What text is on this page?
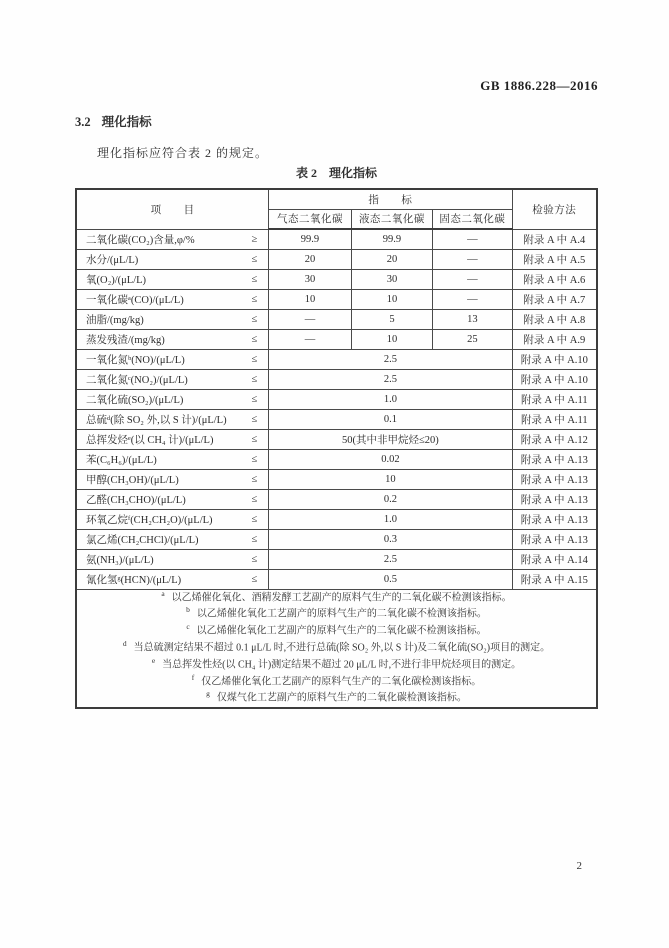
GB 1886.228—2016
3.2 理化指标

理化指标应符合表 2 的规定。

表 2 理化指标
项　　目	指　　标			检验方法
	气态二氧化碳	液态二氧化碳	固态二氧化碳	

二氧化碳(CO₂)含量,φ/% ≥	99.9	99.9	—	附录 A 中 A.4

水分/(μL/L) ≤	20	20	—	附录 A 中 A.5

氧(O₂)/(μL/L) ≤	30	30	—	附录 A 中 A.6

一氧化碳ᵃ(CO)/(μL/L) ≤	10	10	—	附录 A 中 A.7

油脂/(mg/kg) ≤	—	5	13	附录 A 中 A.8

蒸发残渣/(mg/kg) ≤	—	10	25	附录 A 中 A.9

一氧化氮ᵇ(NO)/(μL/L) ≤	2.5			附录 A 中 A.10

二氧化氮ᶜ(NO₂)/(μL/L) ≤	2.5			附录 A 中 A.10

二氧化硫(SO₂)/(μL/L) ≤	1.0			附录 A 中 A.11

总硫ᵈ(除 SO₂ 外,以 S 计)/(μL/L) ≤	0.1			附录 A 中 A.11

总挥发烃ᵉ(以 CH₄ 计)/(μL/L) ≤	50(其中非甲烷烃≤20)			附录 A 中 A.12

苯(C₆H₆)/(μL/L) ≤	0.02			附录 A 中 A.13

甲醇(CH₃OH)/(μL/L) ≤	10			附录 A 中 A.13

乙醛(CH₃CHO)/(μL/L) ≤	0.2			附录 A 中 A.13

环氧乙烷ᶠ(CH₂CH₂O)/(μL/L) ≤	1.0			附录 A 中 A.13

氯乙烯(CH₂CHCl)/(μL/L) ≤	0.3			附录 A 中 A.13

氨(NH₃)/(μL/L) ≤	2.5			附录 A 中 A.14

氰化氢ᵍ(HCN)/(μL/L) ≤	0.5			附录 A 中 A.15

a 以乙烯催化氧化、酒精发酵工艺副产的原料气生产的二氧化碳不检测该指标。
b 以乙烯催化氧化工艺副产的原料气生产的二氧化碳不检测该指标。
c 以乙烯催化氧化工艺副产的原料气生产的二氧化碳不检测该指标。
d 当总硫测定结果不超过 0.1 μL/L 时,不进行总硫(除 SO₂ 外,以 S 计)及二氧化硫(SO₂)项目的测定。
e 当总挥发性烃(以 CH₄ 计)测定结果不超过 20 μL/L 时,不进行非甲烷烃项目的测定。
f 仅乙烯催化氧化工艺副产的原料气生产的二氧化碳检测该指标。
g 仅煤气化工艺副产的原料气生产的二氧化碳检测该指标。
2
